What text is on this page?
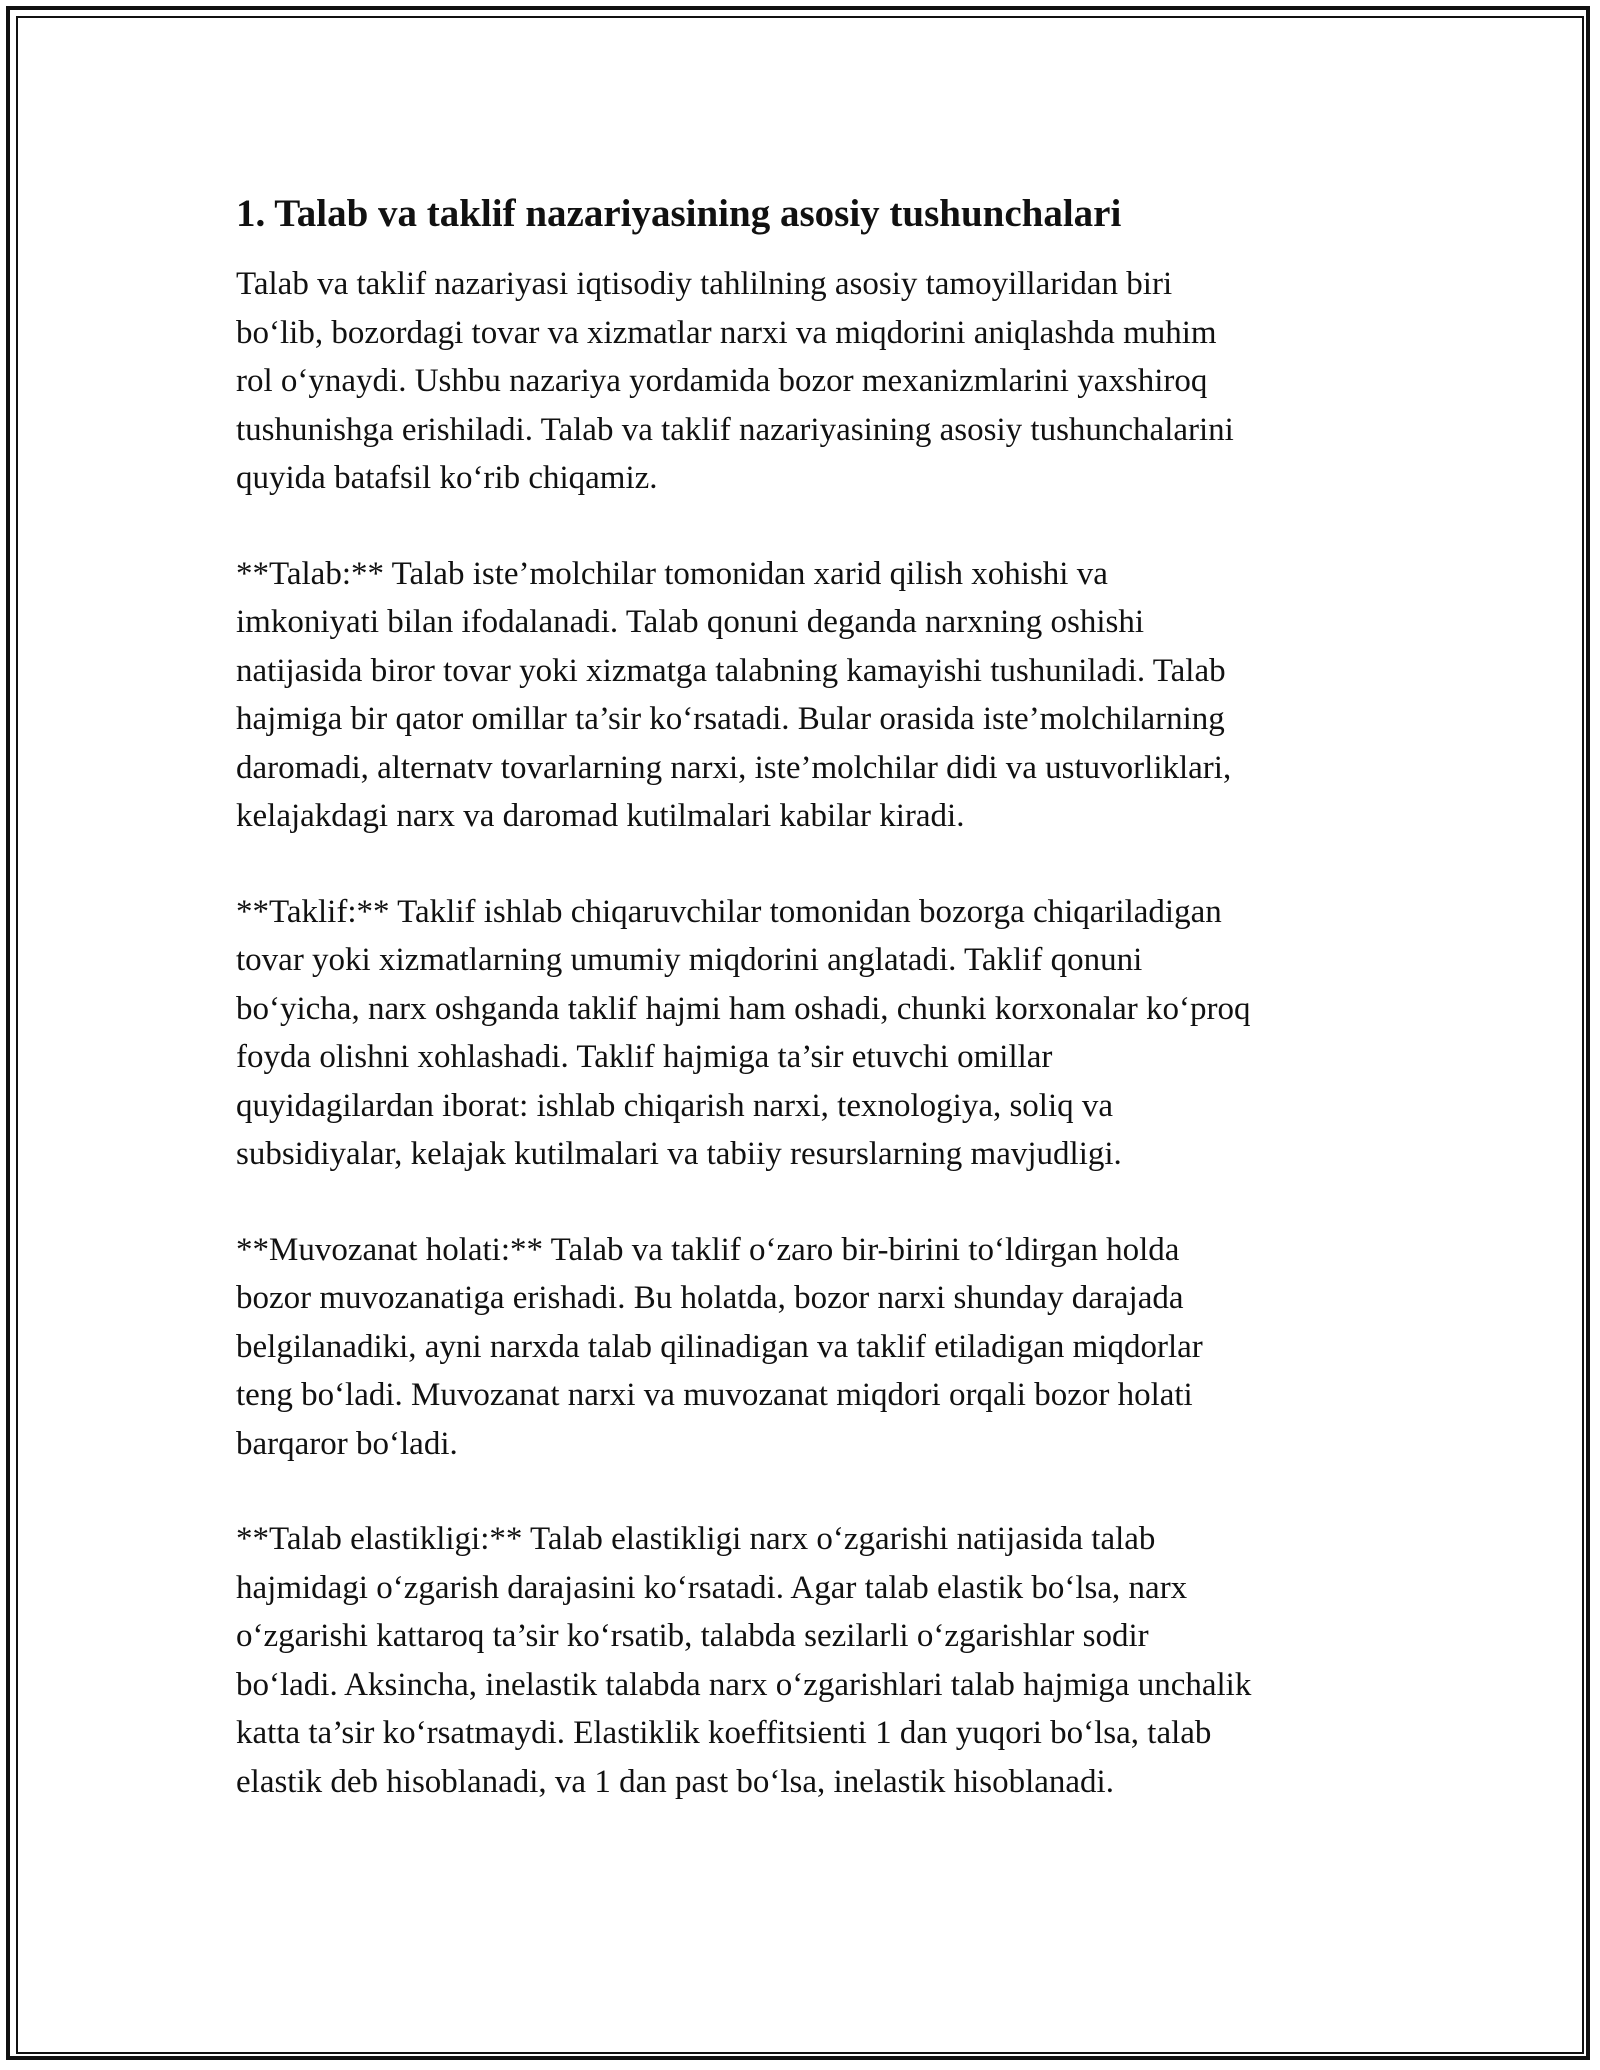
1. Talab va taklif nazariyasining asosiy tushunchalari

Talab va taklif nazariyasi iqtisodiy tahlilning asosiy tamoyillaridan biri
bo‘lib, bozordagi tovar va xizmatlar narxi va miqdorini aniqlashda muhim
rol o‘ynaydi. Ushbu nazariya yordamida bozor mexanizmlarini yaxshiroq
tushunishga erishiladi. Talab va taklif nazariyasining asosiy tushunchalarini
quyida batafsil ko‘rib chiqamiz.

**Talab:** Talab iste’molchilar tomonidan xarid qilish xohishi va
imkoniyati bilan ifodalanadi. Talab qonuni deganda narxning oshishi
natijasida biror tovar yoki xizmatga talabning kamayishi tushuniladi. Talab
hajmiga bir qator omillar ta’sir ko‘rsatadi. Bular orasida iste’molchilarning
daromadi, alternatv tovarlarning narxi, iste’molchilar didi va ustuvorliklari,
kelajakdagi narx va daromad kutilmalari kabilar kiradi.

**Taklif:** Taklif ishlab chiqaruvchilar tomonidan bozorga chiqariladigan
tovar yoki xizmatlarning umumiy miqdorini anglatadi. Taklif qonuni
bo‘yicha, narx oshganda taklif hajmi ham oshadi, chunki korxonalar ko‘proq
foyda olishni xohlashadi. Taklif hajmiga ta’sir etuvchi omillar
quyidagilardan iborat: ishlab chiqarish narxi, texnologiya, soliq va
subsidiyalar, kelajak kutilmalari va tabiiy resurslarning mavjudligi.

**Muvozanat holati:** Talab va taklif o‘zaro bir-birini to‘ldirgan holda
bozor muvozanatiga erishadi. Bu holatda, bozor narxi shunday darajada
belgilanadiki, ayni narxda talab qilinadigan va taklif etiladigan miqdorlar
teng bo‘ladi. Muvozanat narxi va muvozanat miqdori orqali bozor holati
barqaror bo‘ladi.

**Talab elastikligi:** Talab elastikligi narx o‘zgarishi natijasida talab
hajmidagi o‘zgarish darajasini ko‘rsatadi. Agar talab elastik bo‘lsa, narx
o‘zgarishi kattaroq ta’sir ko‘rsatib, talabda sezilarli o‘zgarishlar sodir
bo‘ladi. Aksincha, inelastik talabda narx o‘zgarishlari talab hajmiga unchalik
katta ta’sir ko‘rsatmaydi. Elastiklik koeffitsienti 1 dan yuqori bo‘lsa, talab
elastik deb hisoblanadi, va 1 dan past bo‘lsa, inelastik hisoblanadi.
